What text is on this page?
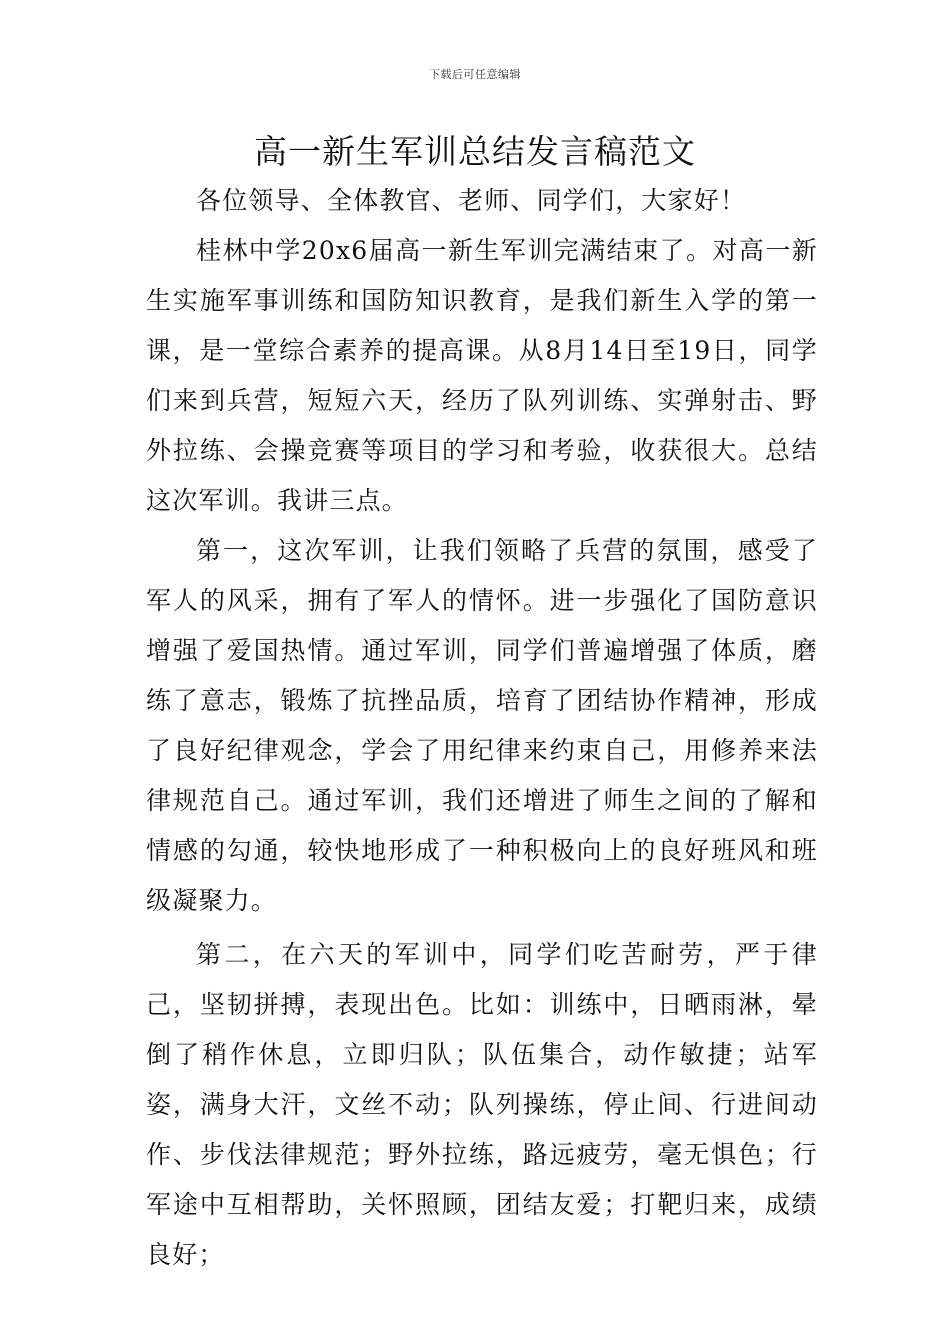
下载后可任意编辑
高一新生军训总结发言稿范文

各位领导、全体教官、老师、同学们，大家好！

桂林中学20x6届高一新生军训完满结束了。对高一新生实施军事训练和国防知识教育，是我们新生入学的第一课，是一堂综合素养的提高课。从8月14日至19日，同学们来到兵营，短短六天，经历了队列训练、实弹射击、野外拉练、会操竞赛等项目的学习和考验，收获很大。总结这次军训。我讲三点。

第一，这次军训，让我们领略了兵营的氛围，感受了军人的风采，拥有了军人的情怀。进一步强化了国防意识增强了爱国热情。通过军训，同学们普遍增强了体质，磨练了意志，锻炼了抗挫品质，培育了团结协作精神，形成了良好纪律观念，学会了用纪律来约束自己，用修养来法律规范自己。通过军训，我们还增进了师生之间的了解和情感的勾通，较快地形成了一种积极向上的良好班风和班级凝聚力。

第二，在六天的军训中，同学们吃苦耐劳，严于律己，坚韧拼搏，表现出色。比如：训练中，日晒雨淋，晕倒了稍作休息，立即归队；队伍集合，动作敏捷；站军姿，满身大汗，文丝不动；队列操练，停止间、行进间动作、步伐法律规范；野外拉练，路远疲劳，毫无惧色；行军途中互相帮助，关怀照顾，团结友爱；打靶归来，成绩良好；
